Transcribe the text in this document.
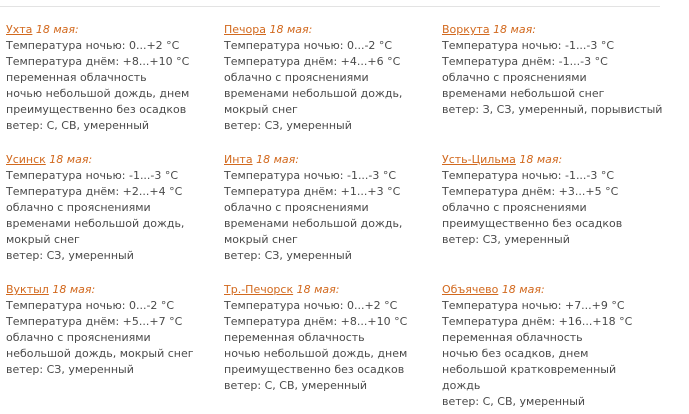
Ухта 18 мая:
Температура ночью: 0...+2 °C
Температура днём: +8...+10 °C
переменная облачность
ночью небольшой дождь, днем преимущественно без осадков
ветер: С, СВ, умеренный
Печора 18 мая:
Температура ночью: 0...-2 °C
Температура днём: +4...+6 °C
облачно с прояснениями
временами небольшой дождь, мокрый снег
ветер: СЗ, умеренный
Воркута 18 мая:
Температура ночью: -1...-3 °C
Температура днём: -1...-3 °C
облачно с прояснениями
временами небольшой снег
ветер: З, СЗ, умеренный, порывистый
Усинск 18 мая:
Температура ночью: -1...-3 °C
Температура днём: +2...+4 °C
облачно с прояснениями
временами небольшой дождь, мокрый снег
ветер: СЗ, умеренный
Инта 18 мая:
Температура ночью: -1...-3 °C
Температура днём: +1...+3 °C
облачно с прояснениями
временами небольшой дождь, мокрый снег
ветер: СЗ, умеренный
Усть-Цильма 18 мая:
Температура ночью: -1...-3 °C
Температура днём: +3...+5 °C
облачно с прояснениями
преимущественно без осадков
ветер: СЗ, умеренный
Вуктыл 18 мая:
Температура ночью: 0...-2 °C
Температура днём: +5...+7 °C
облачно с прояснениями
небольшой дождь, мокрый снег
ветер: СЗ, умеренный
Тр.-Печорск 18 мая:
Температура ночью: 0...+2 °C
Температура днём: +8...+10 °C
переменная облачность
ночью небольшой дождь, днем преимущественно без осадков
ветер: С, СВ, умеренный
Объячево 18 мая:
Температура ночью: +7...+9 °C
Температура днём: +16...+18 °C
переменная облачность
ночью без осадков, днем небольшой кратковременный дождь
ветер: С, СВ, умеренный
